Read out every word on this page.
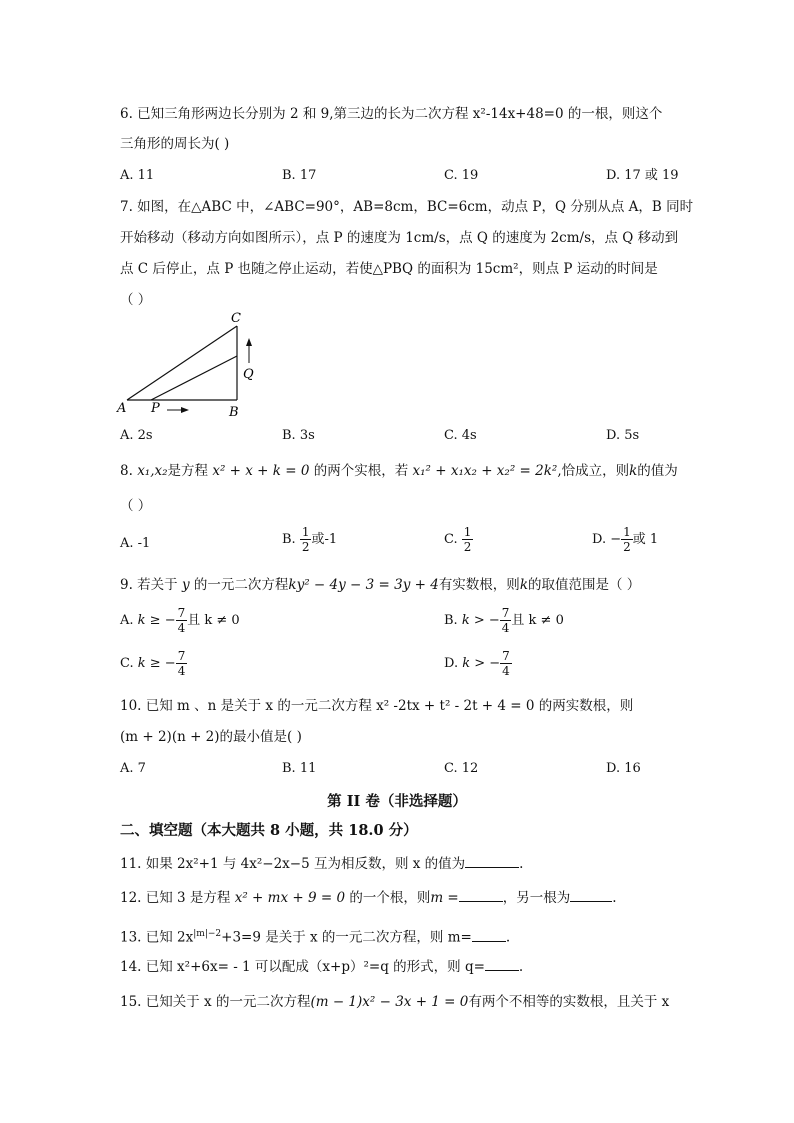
6. 已知三角形两边长分别为 2 和 9,第三边的长为二次方程 x²-14x+48=0 的一根，则这个
三角形的周长为( )
A. 11	B. 17	C. 19	D. 17 或 19
7. 如图，在△ABC 中，∠ABC=90°，AB=8cm，BC=6cm，动点 P，Q 分别从点 A，B 同时
开始移动（移动方向如图所示），点 P 的速度为 1cm/s，点 Q 的速度为 2cm/s，点 Q 移动到
点 C 后停止，点 P 也随之停止运动，若使△PBQ 的面积为 15cm²，则点 P 运动的时间是
（ ）
A	B
C
P
Q
A. 2s	B. 3s	C. 4s	D. 5s
8. x₁,x₂是方程 x² + x + k = 0 的两个实根，若 x₁² + x₁x₂ + x₂² = 2k²,恰成立，则k的值为
（ ）
A. -1	B. $\frac{1}{2}$ 或-1	C. $\frac{1}{2}$	D. − $\frac{1}{2}$ 或 1
9. 若关于 y 的一元二次方程ky² − 4y − 3 = 3y + 4有实数根，则k的取值范围是（ ）
A. k ≥ − $\frac{7}{4}$ 且 k ≠ 0	B. k > − $\frac{7}{4}$ 且 k ≠ 0
C. k ≥ − $\frac{7}{4}$	D. k > − $\frac{7}{4}$
10. 已知 m 、n 是关于 x 的一元二次方程 x² -2tx + t² - 2t + 4 = 0 的两实数根，则
(m + 2)(n + 2)的最小值是( )
A. 7	B. 11	C. 12	D. 16
第 II 卷（非选择题）
二、填空题（本大题共 8 小题，共 18.0 分）
11. 如果 2x²+1 与 4x²−2x−5 互为相反数，则 x 的值为	.
12. 已知 3 是方程 x² + mx + 9 = 0 的一个根，则m =	，另一根为	.
13. 已知 $2x^{|m|-2}+3=9$ 是关于 x 的一元二次方程，则 m=	.
14. 已知 x²+6x= - 1 可以配成（x+p）²=q 的形式，则 q=	.
15. 已知关于 x 的一元二次方程(m − 1)x² − 3x + 1 = 0有两个不相等的实数根，且关于 x
